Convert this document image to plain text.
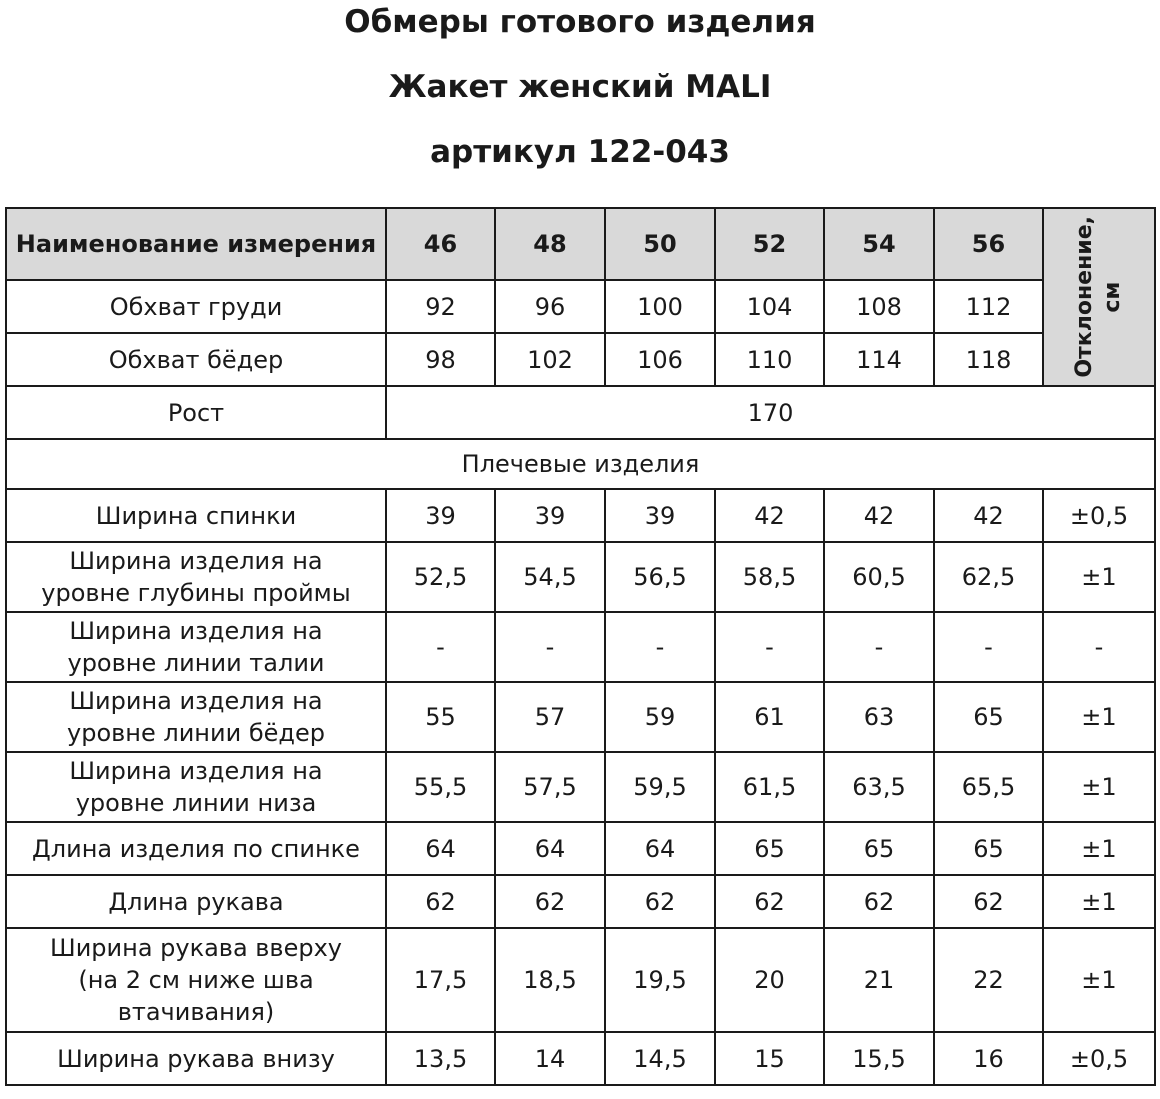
Обмеры готового изделия
Жакет женский MALI
артикул 122-043
Наименование измерения	46	48	50	52	54	56	Отклонение, см

Обхват груди	92	96	100	104	108	112	
Обхват бёдер	98	102	106	110	114	118	
Рост	170						
Плечевые изделия							

Ширина спинки	39	39	39	42	42	42	±0,5

Ширина изделия на
уровне глубины проймы	52,5	54,5	56,5	58,5	60,5	62,5	±1

Ширина изделия на
уровне линии талии	-	-	-	-	-	-	-

Ширина изделия на
уровне линии бёдер	55	57	59	61	63	65	±1

Ширина изделия на
уровне линии низа	55,5	57,5	59,5	61,5	63,5	65,5	±1

Длина изделия по спинке	64	64	64	65	65	65	±1

Длина рукава	62	62	62	62	62	62	±1

Ширина рукава вверху
(на 2 см ниже шва
втачивания)	17,5	18,5	19,5	20	21	22	±1

Ширина рукава внизу	13,5	14	14,5	15	15,5	16	±0,5
